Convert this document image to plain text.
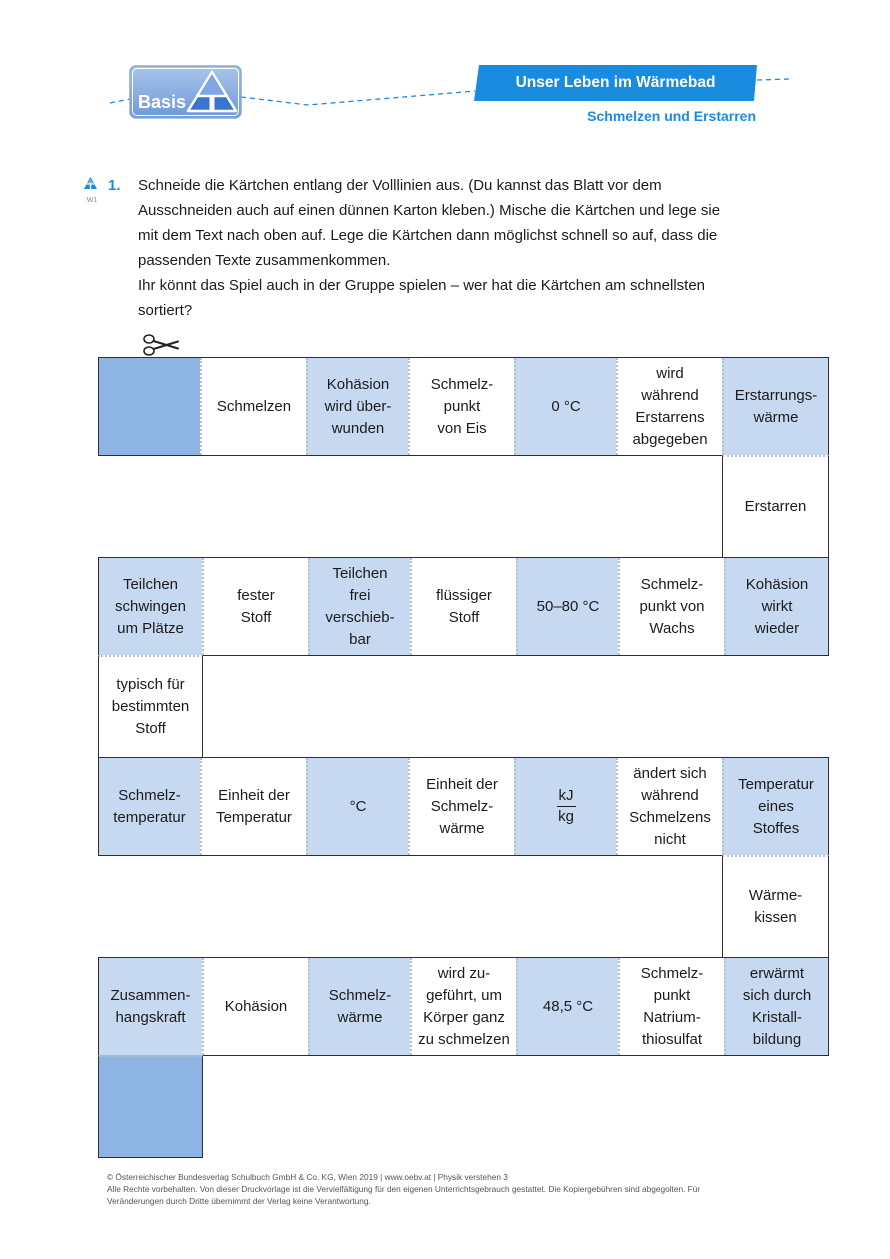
Basis
Unser Leben im Wärmebad
Schmelzen und Erstarren
W1
1. Schneide die Kärtchen entlang der Volllinien aus. (Du kannst das Blatt vor dem
Ausschneiden auch auf einen dünnen Karton kleben.) Mische die Kärtchen und lege sie
mit dem Text nach oben auf. Lege die Kärtchen dann möglichst schnell so auf, dass die
passenden Texte zusammenkommen.
Ihr könnt das Spiel auch in der Gruppe spielen – wer hat die Kärtchen am schnellsten
sortiert?
Schmelzen
Kohäsion
wird über-
wunden
Schmelz-
punkt
von Eis
0 °C
wird
während
Erstarrens
abgegeben
Erstarrungs-
wärme
Erstarren
Teilchen
schwingen
um Plätze
fester
Stoff
Teilchen
frei
verschieb-
bar
flüssiger
Stoff
50–80 °C
Schmelz-
punkt von
Wachs
Kohäsion
wirkt
wieder
typisch für
bestimmten
Stoff
Schmelz-
temperatur
Einheit der
Temperatur
°C
Einheit der
Schmelz-
wärme
$\frac{kJ}{kg}$
ändert sich
während
Schmelzens
nicht
Temperatur
eines
Stoffes
Wärme-
kissen
Zusammen-
hangskraft
Kohäsion
Schmelz-
wärme
wird zu-
geführt, um
Körper ganz
zu schmelzen
48,5 °C
Schmelz-
punkt
Natrium-
thiosulfat
erwärmt
sich durch
Kristall-
bildung
© Österreichischer Bundesverlag Schulbuch GmbH & Co. KG, Wien 2019 | www.oebv.at | Physik verstehen 3
Alle Rechte vorbehalten. Von dieser Druckvorlage ist die Vervielfältigung für den eigenen Unterrichtsgebrauch gestattet. Die Kopiergebühren sind abgegolten. Für
Veränderungen durch Dritte übernimmt der Verlag keine Verantwortung.
